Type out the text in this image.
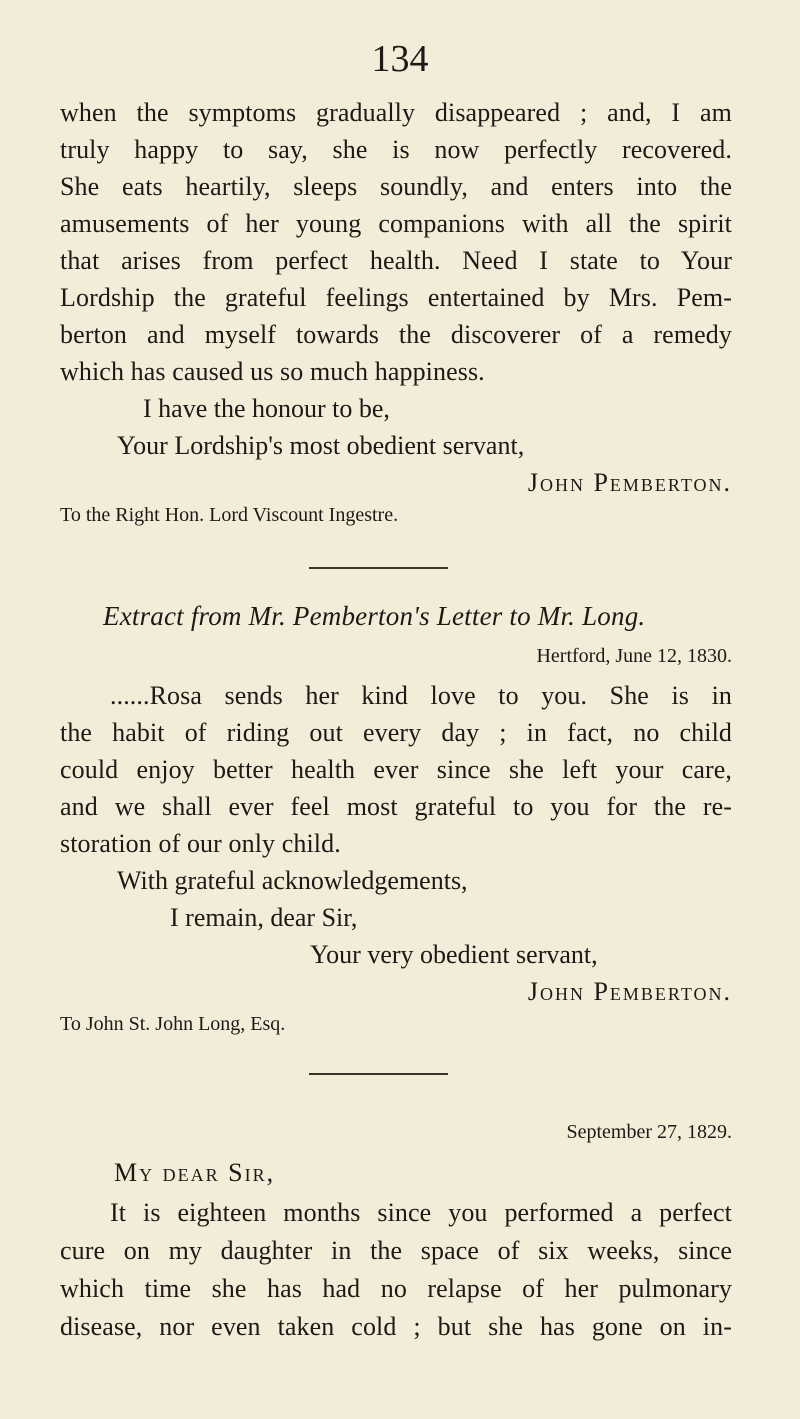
134
when the symptoms gradually disappeared ; and, I am
truly happy to say, she is now perfectly recovered.
She eats heartily, sleeps soundly, and enters into the
amusements of her young companions with all the spirit
that arises from perfect health. Need I state to Your
Lordship the grateful feelings entertained by Mrs. Pem-
berton and myself towards the discoverer of a remedy
which has caused us so much happiness.
I have the honour to be,
Your Lordship's most obedient servant,
John Pemberton.
To the Right Hon. Lord Viscount Ingestre.
Extract from Mr. Pemberton's Letter to Mr. Long.
Hertford, June 12, 1830.
......Rosa sends her kind love to you. She is in
the habit of riding out every day ; in fact, no child
could enjoy better health ever since she left your care,
and we shall ever feel most grateful to you for the re-
storation of our only child.
With grateful acknowledgements,
I remain, dear Sir,
Your very obedient servant,
John Pemberton.
To John St. John Long, Esq.
September 27, 1829.
My dear Sir,
It is eighteen months since you performed a perfect
cure on my daughter in the space of six weeks, since
which time she has had no relapse of her pulmonary
disease, nor even taken cold ; but she has gone on in-
